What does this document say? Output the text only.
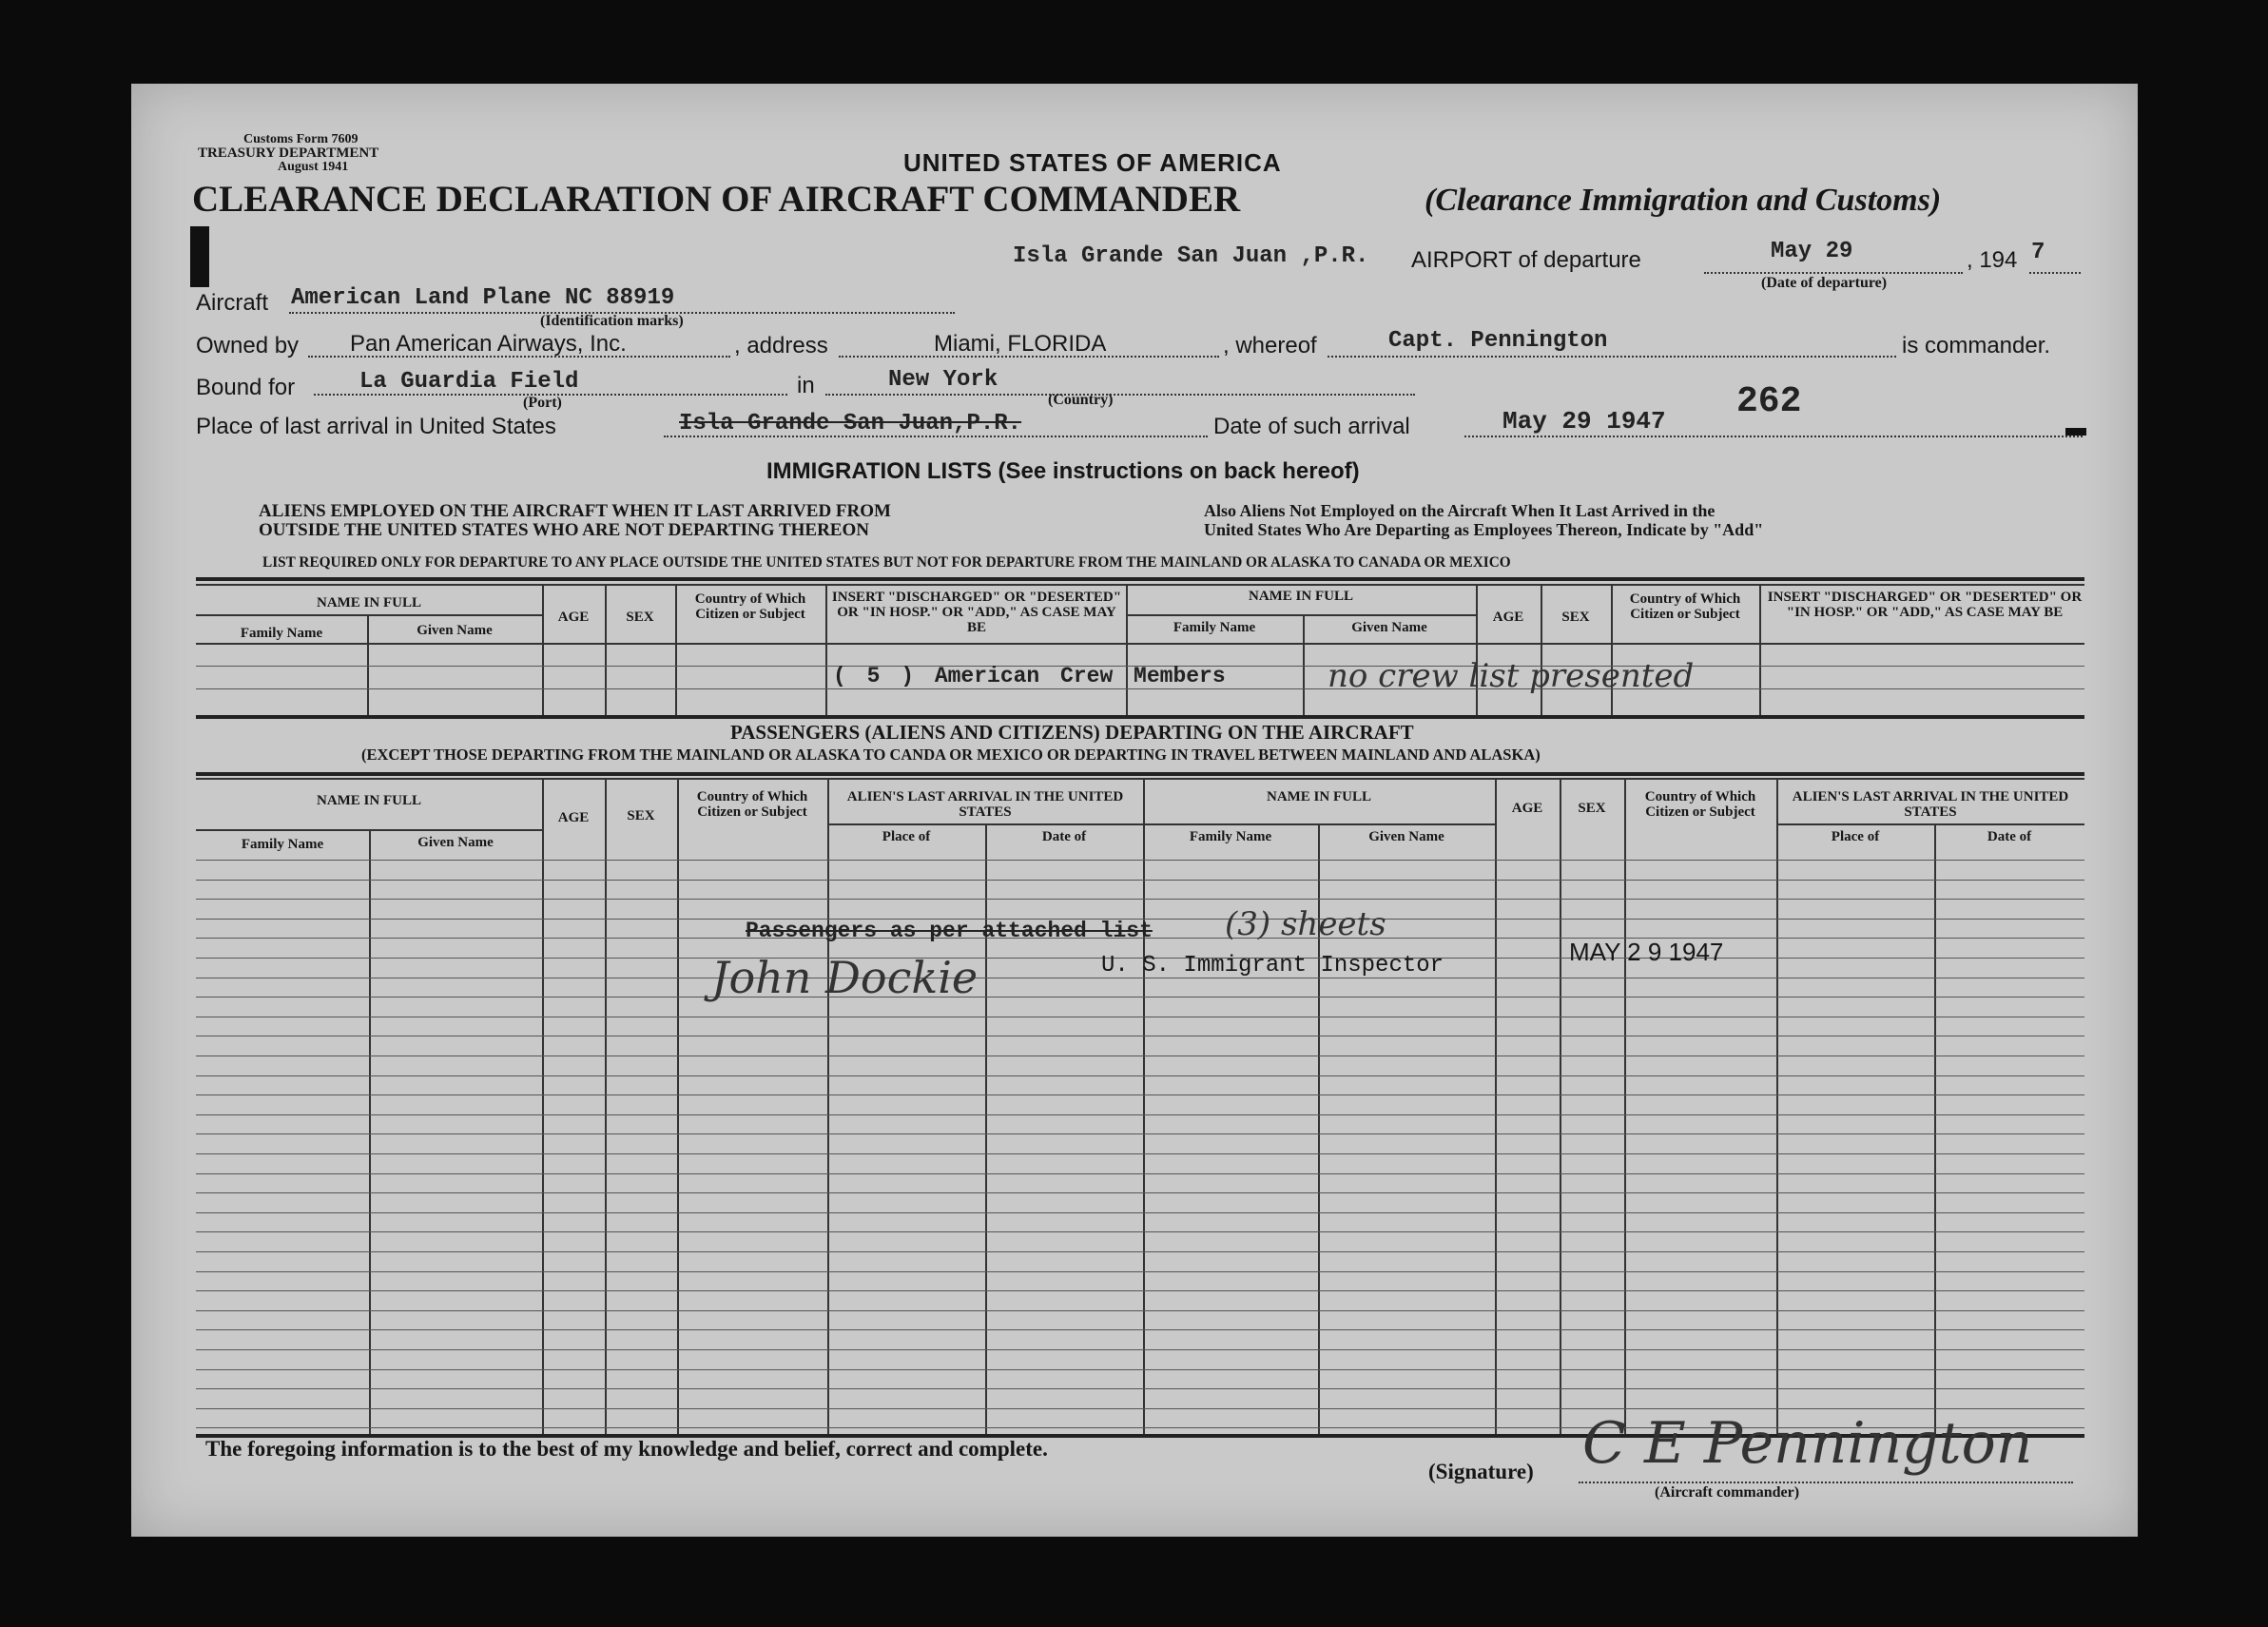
Customs Form 7609
TREASURY DEPARTMENT
August 1941	UNITED STATES OF AMERICA
CLEARANCE DECLARATION OF AIRCRAFT COMMANDER	(Clearance Immigration and Customs)
Isla Grande San Juan ,P.R. AIRPORT of departure	May 29	, 194 7
(Date of departure)
Aircraft American Land Plane NC 88919
(Identification marks)
Owned by Pan American Airways, Inc.	, address	Miami, FLORIDA	, whereof	Capt. Pennington	is commander.
Bound for	La Guardia Field	in	New York
(Port)	(Country)
Place of last arrival in United States	Isla Grande San Juan,P.R.	Date of such arrival	May 29 1947 262
IMMIGRATION LISTS (See instructions on back hereof)
ALIENS EMPLOYED ON THE AIRCRAFT WHEN IT LAST ARRIVED FROM
OUTSIDE THE UNITED STATES WHO ARE NOT DEPARTING THEREON
Also Aliens Not Employed on the Aircraft When It Last Arrived in the
United States Who Are Departing as Employees Thereon, Indicate by "Add"
LIST REQUIRED ONLY FOR DEPARTURE TO ANY PLACE OUTSIDE THE UNITED STATES BUT NOT FOR DEPARTURE FROM THE MAINLAND OR ALASKA TO CANADA OR MEXICO
NAME IN FULL
Family Name	Given Name
AGE	SEX
Country of Which Citizen or Subject
INSERT "DISCHARGED" OR "DESERTED" OR "IN HOSP." OR "ADD," AS CASE MAY BE
NAME IN FULL
Family Name	Given Name
AGE	SEX
Country of Which Citizen or Subject
INSERT "DISCHARGED" OR "DESERTED" OR "IN HOSP." OR "ADD," AS CASE MAY BE
( 5 ) American Crew Members	no crew list presented
PASSENGERS (ALIENS AND CITIZENS) DEPARTING ON THE AIRCRAFT
(EXCEPT THOSE DEPARTING FROM THE MAINLAND OR ALASKA TO CANDA OR MEXICO OR DEPARTING IN TRAVEL BETWEEN MAINLAND AND ALASKA)
NAME IN FULL
Family Name	Given Name
AGE	SEX
Country of Which Citizen or Subject
ALIEN'S LAST ARRIVAL IN THE UNITED STATES
Place of	Date of
NAME IN FULL
Family Name	Given Name
AGE	SEX
Country of Which Citizen or Subject
ALIEN'S LAST ARRIVAL IN THE UNITED STATES
Place of	Date of
Passengers as per attached list (3) sheets
John Dockie	U. S. Immigrant Inspector	MAY 2 9 1947
The foregoing information is to the best of my knowledge and belief, correct and complete.
(Signature) C E Pennington
(Aircraft commander)
